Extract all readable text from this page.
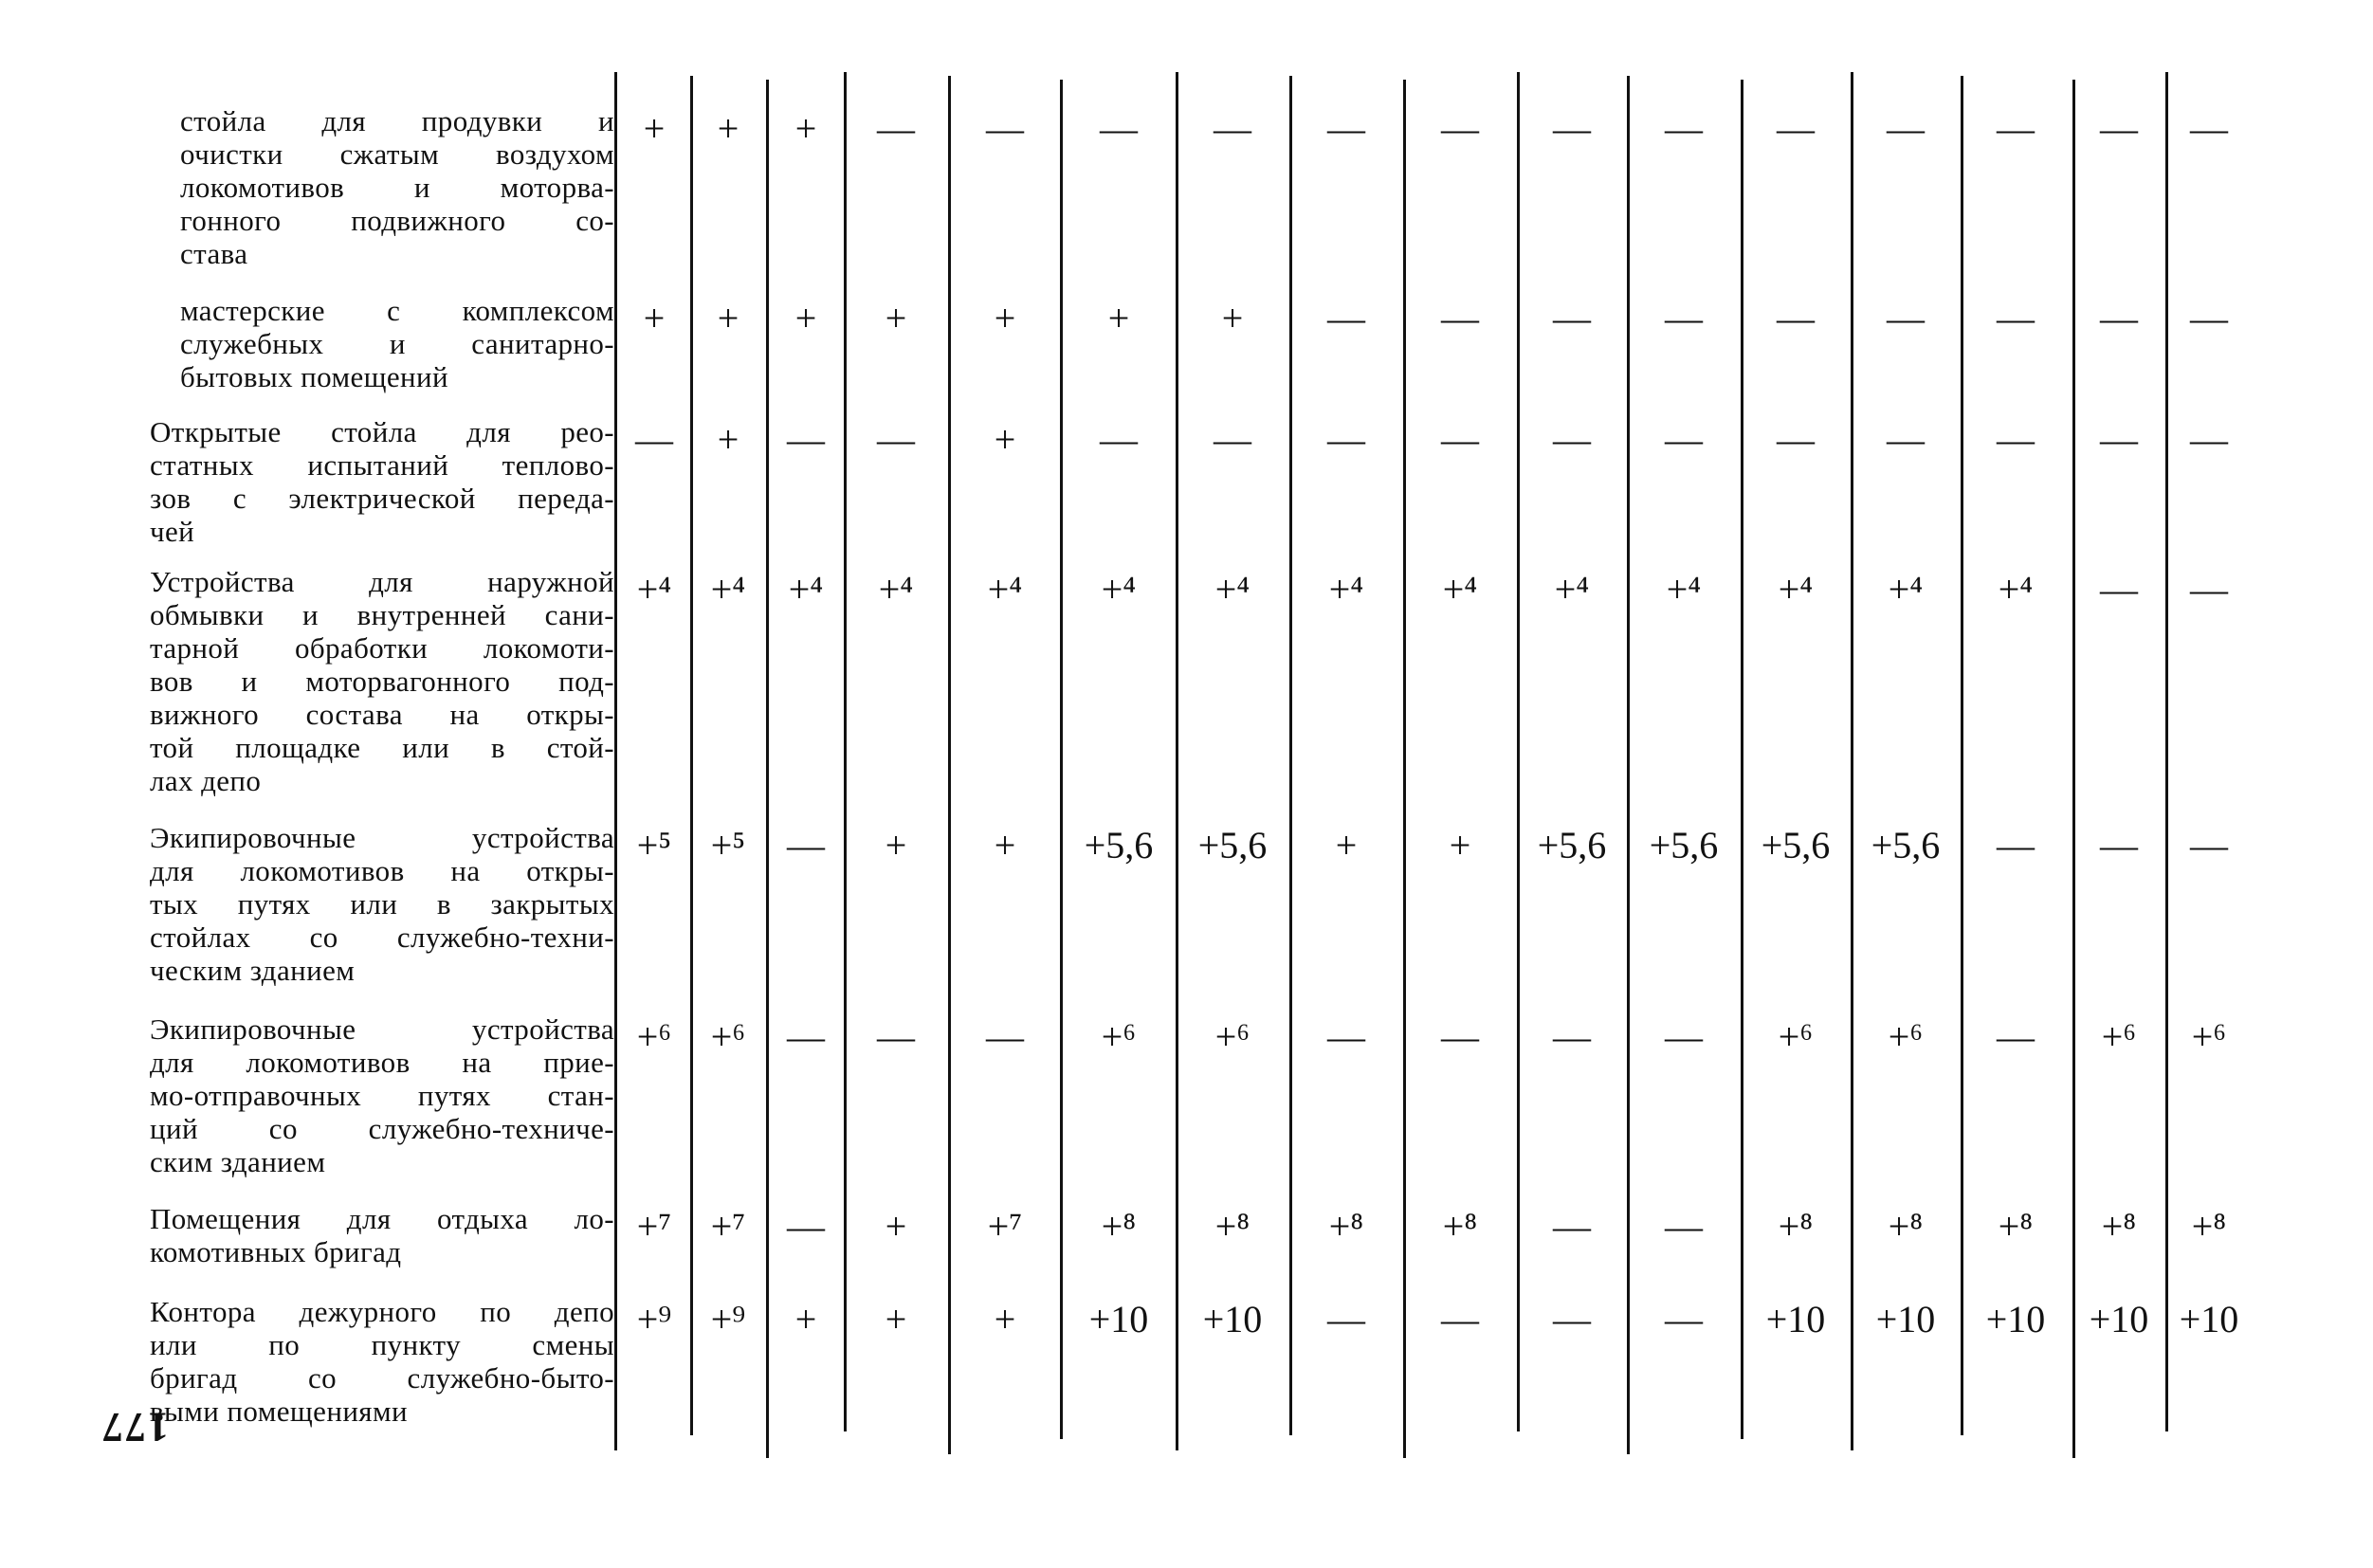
стойла для продувки и
очистки сжатым воздухом
локомотивов и моторва-
гонного подвижного со-
става
+	+	+	—	—	—	—	—	—	—	—	—	—	—	—	—
мастерские с комплексом
служебных и санитарно-
бытовых помещений
+	+	+	+	+	+	+	—	—	—	—	—	—	—	—	—
Открытые стойла для рео-
статных испытаний теплово-
зов с электрической переда-
чей
—	+	—	—	+	—	—	—	—	—	—	—	—	—	—	—
Устройства для наружной
обмывки и внутренней сани-
тарной обработки локомоти-
вов и моторвагонного под-
вижного состава на откры-
той площадке или в стой-
лах депо
+⁴	+⁴	+⁴	+⁴	+⁴	+⁴	+⁴	+⁴	+⁴	+⁴	+⁴	+⁴	+⁴	+⁴	—	—
Экипировочные устройства
для локомотивов на откры-
тых путях или в закрытых
стойлах со служебно-техни-
ческим зданием
+⁵	+⁵	—	+	+	+5,6	+5,6	+	+	+5,6	+5,6	+5,6	+5,6	—	—	—
Экипировочные устройства
для локомотивов на прие-
мо-отправочных путях стан-
ций со служебно-техниче-
ским зданием
+⁶	+⁶	—	—	—	+⁶	+⁶	—	—	—	—	+⁶	+⁶	—	+⁶	+⁶
Помещения для отдыха ло-
комотивных бригад
+⁷	+⁷	—	+	+⁷	+⁸	+⁸	+⁸	+⁸	—	—	+⁸	+⁸	+⁸	+⁸	+⁸
Контора дежурного по депо
или по пункту смены
бригад со служебно-быто-
выми помещениями
+⁹	+⁹	+	+	+	+10	+10	—	—	—	—	+10	+10	+10	+10 +10
177
